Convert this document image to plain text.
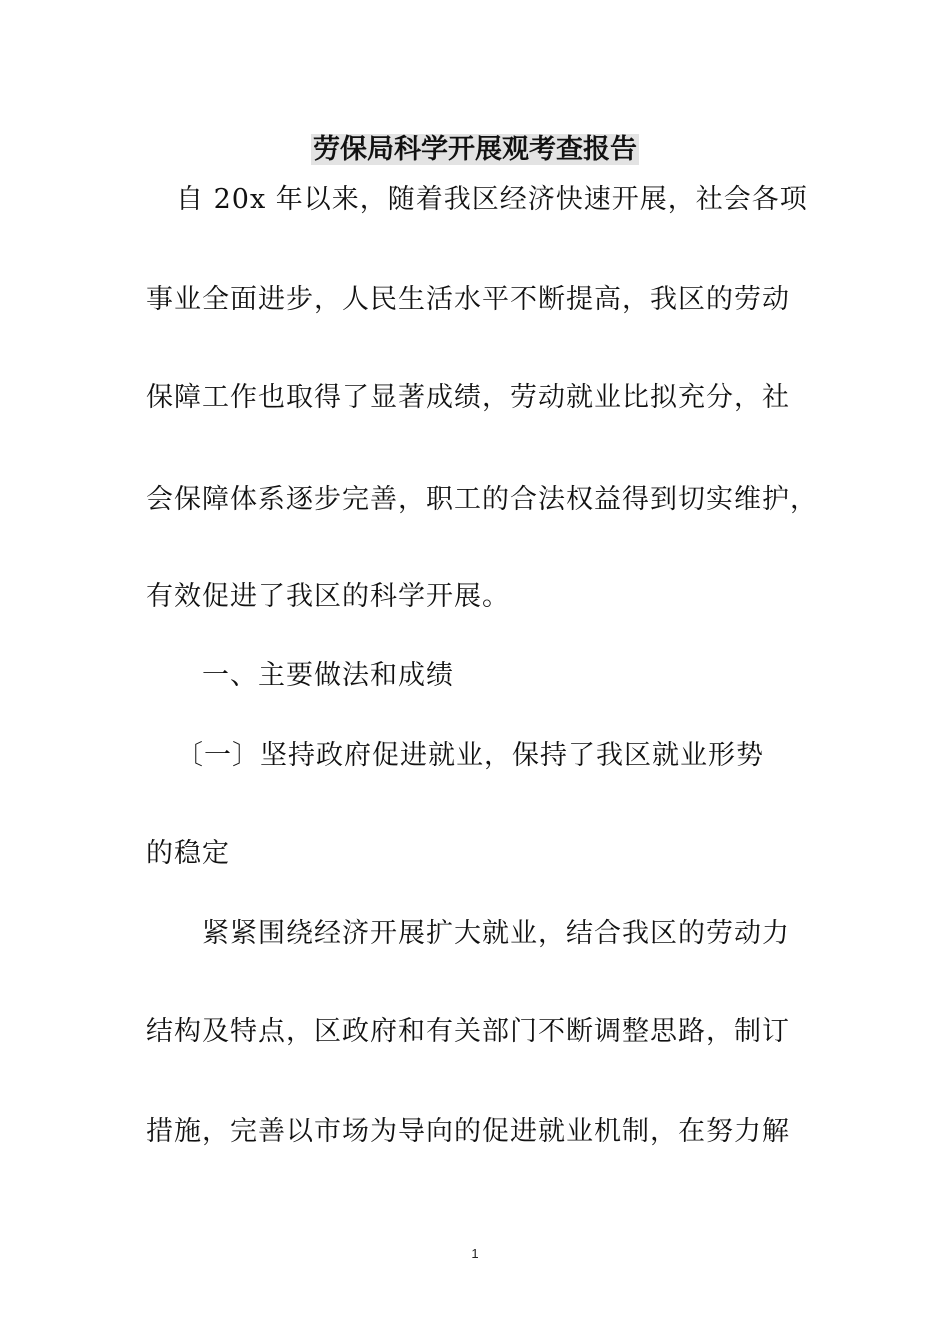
劳保局科学开展观考查报告
自 20x 年以来，随着我区经济快速开展，社会各项
事业全面进步，人民生活水平不断提高，我区的劳动
保障工作也取得了显著成绩，劳动就业比拟充分，社
会保障体系逐步完善，职工的合法权益得到切实维护，
有效促进了我区的科学开展。
一、主要做法和成绩
〔一〕坚持政府促进就业，保持了我区就业形势
的稳定
紧紧围绕经济开展扩大就业，结合我区的劳动力
结构及特点，区政府和有关部门不断调整思路，制订
措施，完善以市场为导向的促进就业机制，在努力解
1
